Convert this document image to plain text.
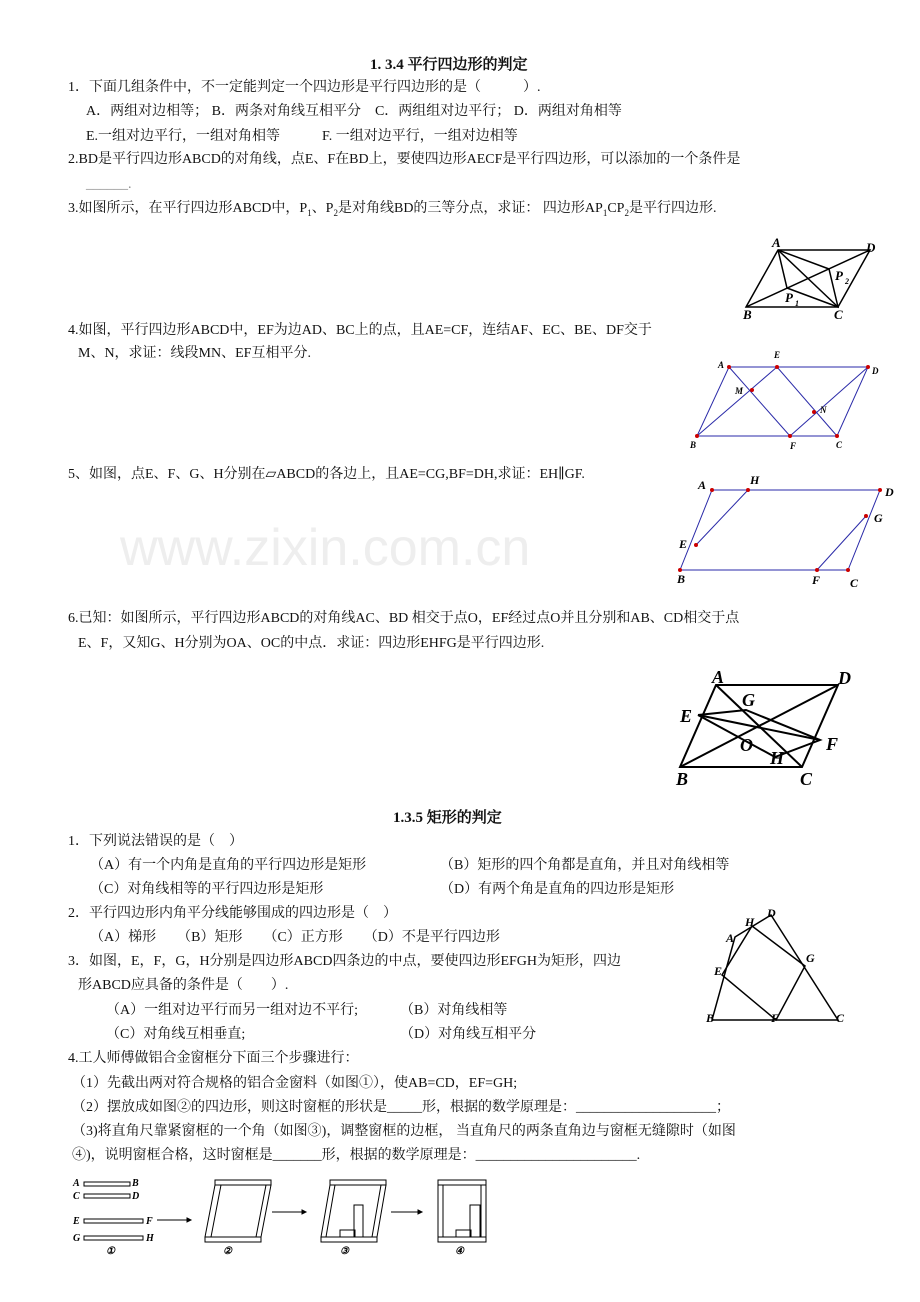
www.zixin.com.cn
1. 3.4 平行四边形的判定
1．下面几组条件中，不一定能判定一个四边形是平行四边形的是（　　　）.
A．两组对边相等； B．两条对角线互相平分　C．两组组对边平行； D．两组对角相等
E.一组对边平行，一组对角相等　　　F. 一组对边平行，一组对边相等
2.BD是平行四边形ABCD的对角线，点E、F在BD上，要使四边形AECF是平行四边形，可以添加的一个条件是
______.
3.如图所示，在平行四边形ABCD中，$P_1$、$P_2$是对角线BD的三等分点，求证： 四边形$AP_1CP_2$是平行四边形.
4.如图，平行四边形ABCD中，EF为边AD、BC上的点，且AE=CF，连结AF、EC、BE、DF交于
M、N，求证：线段MN、EF互相平分.
5、如图，点E、F、G、H分别在▱ABCD的各边上，且AE=CG,BF=DH,求证：EH∥GF.
6.已知：如图所示，平行四边形ABCD的对角线AC、BD 相交于点O，EF经过点O并且分别和AB、CD相交于点
E、F，又知G、H分别为OA、OC的中点．求证：四边形EHFG是平行四边形.
1.3.5 矩形的判定
1．下列说法错误的是（　）
（A）有一个内角是直角的平行四边形是矩形	（B）矩形的四个角都是直角，并且对角线相等
（C）对角线相等的平行四边形是矩形	（D）有两个角是直角的四边形是矩形
2．平行四边形内角平分线能够围成的四边形是（　）
（A）梯形　　（B）矩形　　（C）正方形　　（D）不是平行四边形
3．如图，E，F，G，H分别是四边形ABCD四条边的中点，要使四边形EFGH为矩形，四边
形ABCD应具备的条件是（　　）.
（A）一组对边平行而另一组对边不平行;	（B）对角线相等
（C）对角线互相垂直;	（D）对角线互相平分
4.工人师傅做铝合金窗框分下面三个步骤进行：
（1）先截出两对符合规格的铝合金窗料（如图①），使AB=CD，EF=GH;
（2）摆放成如图②的四边形，则这时窗框的形状是_____形，根据的数学原理是：____________________；
（3)将直角尺靠紧窗框的一个角（如图③)，调整窗框的边框， 当直角尺的两条直角边与窗框无缝隙时（如图
④)，说明窗框合格，这时窗框是_______形，根据的数学原理是：_______________________.
A	D
B	C
P 2
P 1
A
E
D
M
N
B	F	C
A	H
D
G
E
B	F C
A	D
G
E
O	F
H
B	C
A
H
D
G
E
B	F	C
A	B
C	D
E	F
G	H
①	②	③	④
